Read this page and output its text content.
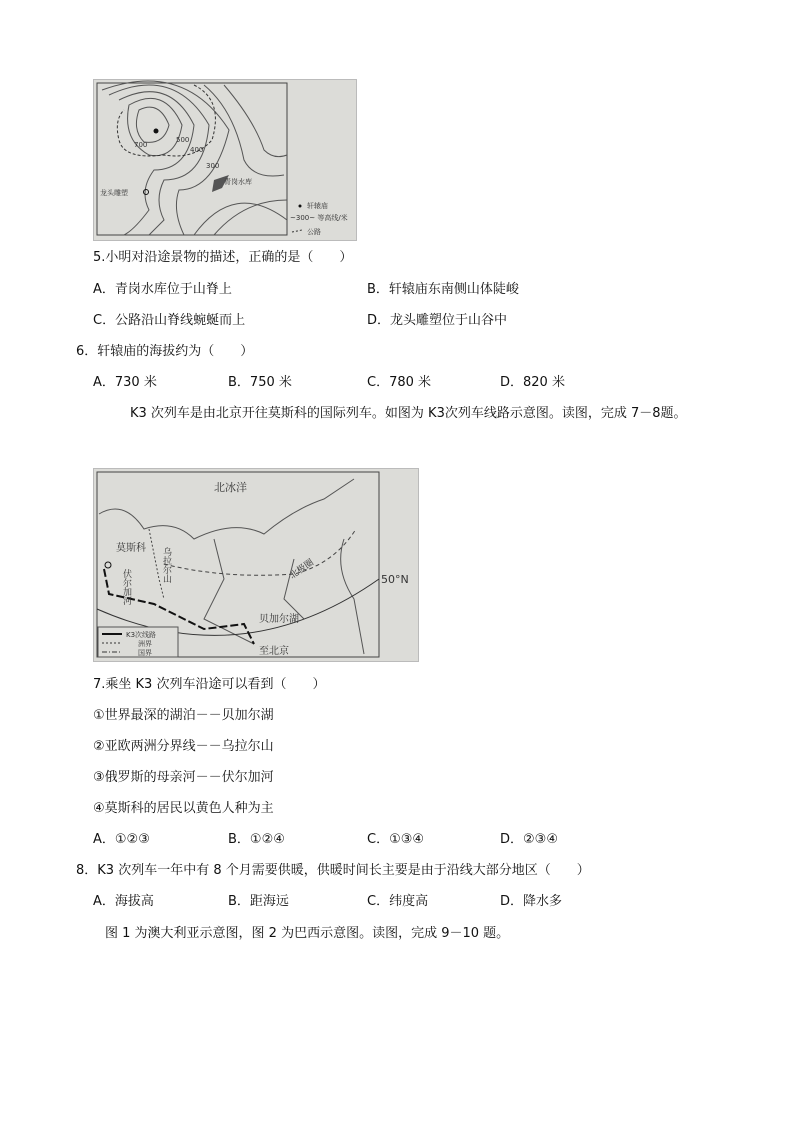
700
500
400
300
青岗水库
龙头雕塑
轩辕庙
~300~ 等高线/米
公路
5.小明对沿途景物的描述，正确的是（　　）
A．青岗水库位于山脊上	B．轩辕庙东南侧山体陡峻
C．公路沿山脊线蜿蜒而上	D．龙头雕塑位于山谷中
6．轩辕庙的海拔约为（　　）
A．730 米	B．750 米	C．780 米	D．820 米
K3 次列车是由北京开往莫斯科的国际列车。如图为 K3次列车线路示意图。读图，完成 7－8题。
北冰洋
莫斯科
伏尔加河
乌拉尔山	北极圈	50°N
贝加尔湖
至北京
K3次线路
洲界
国界
7.乘坐 K3 次列车沿途可以看到（　　）
①世界最深的湖泊－－贝加尔湖
②亚欧两洲分界线－－乌拉尔山
③俄罗斯的母亲河－－伏尔加河
④莫斯科的居民以黄色人种为主
A．①②③	B．①②④	C．①③④	D．②③④
8．K3 次列车一年中有 8 个月需要供暖，供暖时间长主要是由于沿线大部分地区（　　）
A．海拔高	B．距海远	C．纬度高	D．降水多
图 1 为澳大利亚示意图，图 2 为巴西示意图。读图，完成 9－10 题。
